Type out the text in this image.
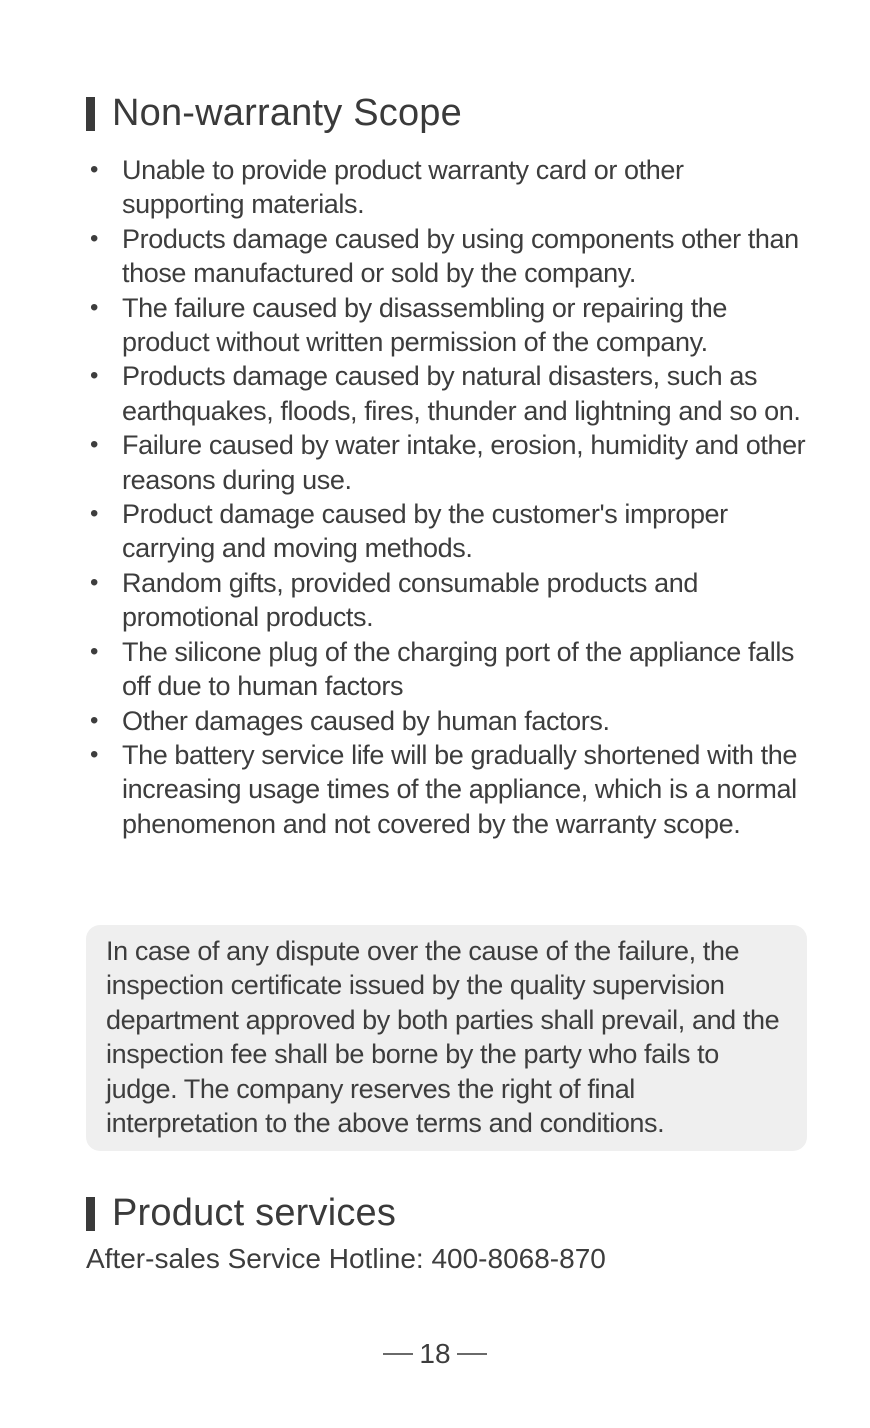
Non-warranty Scope
• Unable to provide product warranty card or other supporting materials.
• Products damage caused by using components other than those manufactured or sold by the company.
• The failure caused by disassembling or repairing the product without written permission of the company.
• Products damage caused by natural disasters, such as earthquakes, floods, fires, thunder and lightning and so on.
• Failure caused by water intake, erosion, humidity and other reasons during use.
• Product damage caused by the customer's improper carrying and moving methods.
• Random gifts, provided consumable products and promotional products.
• The silicone plug of the charging port of the appliance falls off due to human factors
• Other damages caused by human factors.
• The battery service life will be gradually shortened with the increasing usage times of the appliance, which is a normal phenomenon and not covered by the warranty scope.

In case of any dispute over the cause of the failure, the inspection certificate issued by the quality supervision department approved by both parties shall prevail, and the inspection fee shall be borne by the party who fails to judge. The company reserves the right of final interpretation to the above terms and conditions.

Product services

After-sales Service Hotline: 400-8068-870

18
